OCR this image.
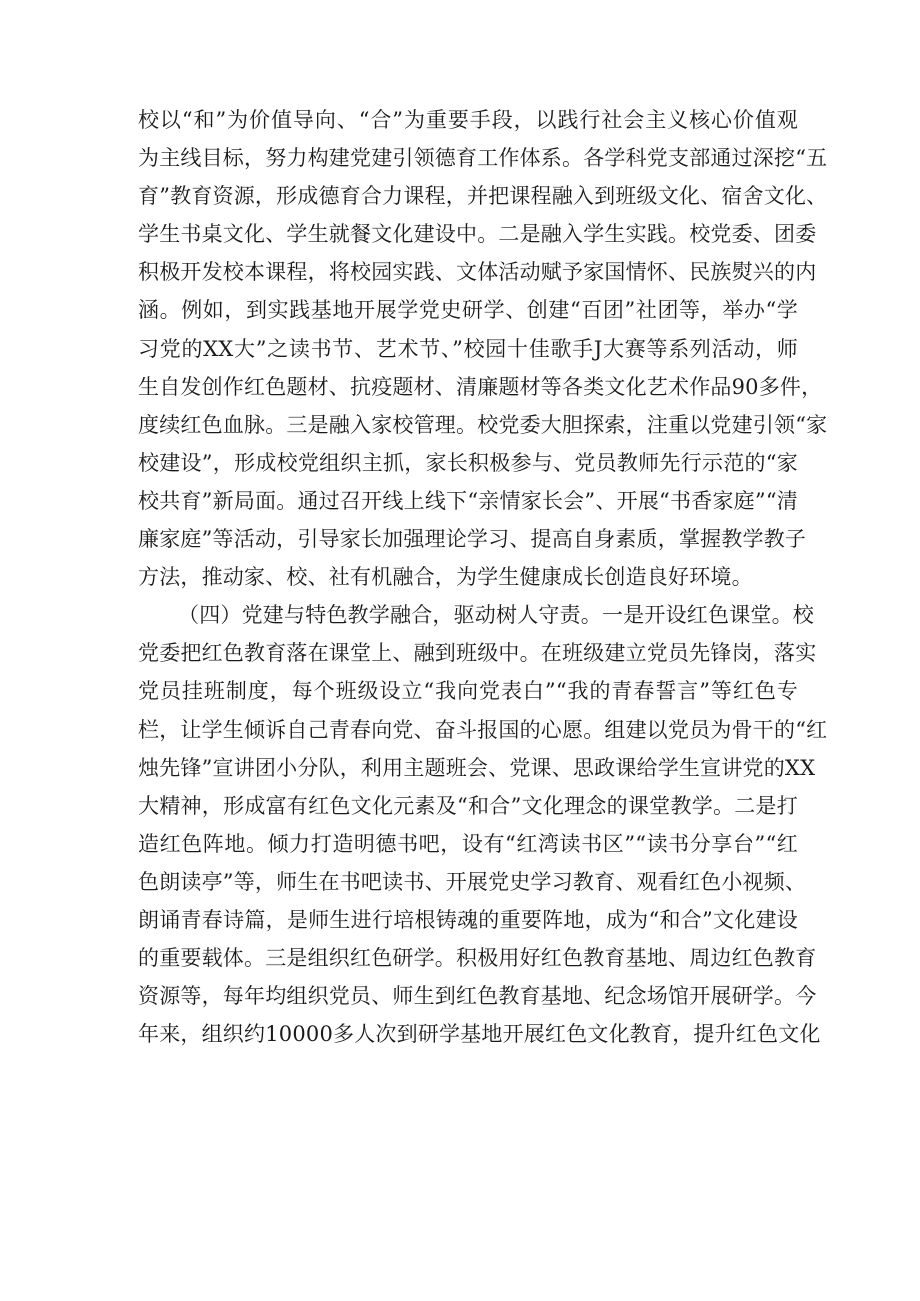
校以“和”为价值导向、“合”为重要手段，以践行社会主义核心价值观
为主线目标，努力构建党建引领德育工作体系。各学科党支部通过深挖“五
育”教育资源，形成德育合力课程，并把课程融入到班级文化、宿舍文化、
学生书桌文化、学生就餐文化建设中。二是融入学生实践。校党委、团委
积极开发校本课程，将校园实践、文体活动赋予家国情怀、民族熨兴的内
涵。例如，到实践基地开展学党史研学、创建“百团”社团等，举办“学
习党的XX大”之读书节、艺术节、”校园十佳歌手J大赛等系列活动，师
生自发创作红色题材、抗疫题材、清廉题材等各类文化艺术作品90多件，
度续红色血脉。三是融入家校管理。校党委大胆探索，注重以党建引领“家
校建设”，形成校党组织主抓，家长积极参与、党员教师先行示范的“家
校共育”新局面。通过召开线上线下“亲情家长会”、开展“书香家庭”“清
廉家庭”等活动，引导家长加强理论学习、提高自身素质，掌握教学教子
方法，推动家、校、社有机融合，为学生健康成长创造良好环境。
（四）党建与特色教学融合，驱动树人守责。一是开设红色课堂。校
党委把红色教育落在课堂上、融到班级中。在班级建立党员先锋岗，落实
党员挂班制度，每个班级设立“我向党表白”“我的青春誓言”等红色专
栏，让学生倾诉自己青春向党、奋斗报国的心愿。组建以党员为骨干的“红
烛先锋”宣讲团小分队，利用主题班会、党课、思政课给学生宣讲党的XX
大精神，形成富有红色文化元素及“和合”文化理念的课堂教学。二是打
造红色阵地。倾力打造明德书吧，设有“红湾读书区”“读书分享台”“红
色朗读亭”等，师生在书吧读书、开展党史学习教育、观看红色小视频、
朗诵青春诗篇，是师生进行培根铸魂的重要阵地，成为“和合”文化建设
的重要载体。三是组织红色研学。积极用好红色教育基地、周边红色教育
资源等，每年均组织党员、师生到红色教育基地、纪念场馆开展研学。今
年来，组织约10000多人次到研学基地开展红色文化教育，提升红色文化
